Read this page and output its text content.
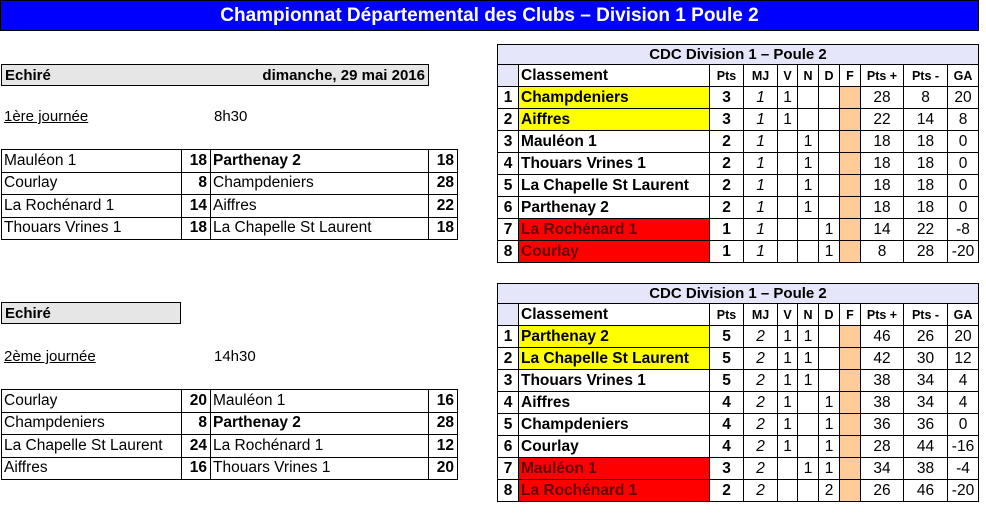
Championnat Départemental des Clubs – Division 1 Poule 2
Echiré	dimanche, 29 mai 2016
1ère journée	8h30
Mauléon 1	18	Parthenay 2	18
Courlay	8	Champdeniers	28
La Rochénard 1	14	Aiffres	22
Thouars Vrines 1	18	La Chapelle St Laurent	18
Echiré
2ème journée	14h30
Courlay	20	Mauléon 1	16
Champdeniers	8	Parthenay 2	28
La Chapelle St Laurent	24	La Rochénard 1	12
Aiffres	16	Thouars Vrines 1	20
CDC Division 1 – Poule 2										
	Classement	Pts	MJ	V	N	D	F	Pts +	Pts -	GA
1	Champdeniers	3	1	1				28	8	20
2	Aiffres	3	1	1				22	14	8
3	Mauléon 1	2	1		1			18	18	0
4	Thouars Vrines 1	2	1		1			18	18	0
5	La Chapelle St Laurent	2	1		1			18	18	0
6	Parthenay 2	2	1		1			18	18	0
7	La Rochénard 1	1	1			1		14	22	-8
8	Courlay	1	1			1		8	28	-20
CDC Division 1 – Poule 2										
	Classement	Pts	MJ	V	N	D	F	Pts +	Pts -	GA
1	Parthenay 2	5	2	1	1			46	26	20
2	La Chapelle St Laurent	5	2	1	1			42	30	12
3	Thouars Vrines 1	5	2	1	1			38	34	4
4	Aiffres	4	2	1		1		38	34	4
5	Champdeniers	4	2	1		1		36	36	0
6	Courlay	4	2	1		1		28	44	-16
7	Mauléon 1	3	2		1	1		34	38	-4
8	La Rochénard 1	2	2			2		26	46	-20
